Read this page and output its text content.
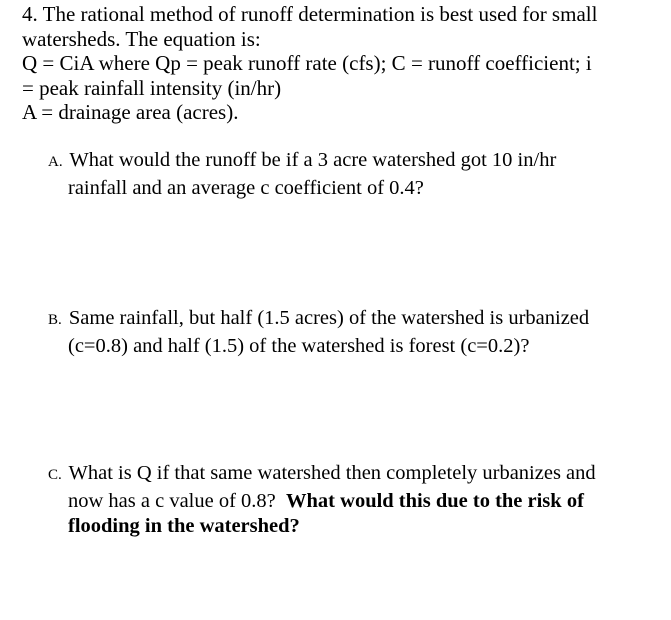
4. The rational method of runoff determination is best used for small
watersheds. The equation is:
Q = CiA where Qp = peak runoff rate (cfs); C = runoff coefficient; i
= peak rainfall intensity (in/hr)
A = drainage area (acres).
A. What would the runoff be if a 3 acre watershed got 10 in/hr
rainfall and an average c coefficient of 0.4?
B. Same rainfall, but half (1.5 acres) of the watershed is urbanized
(c=0.8) and half (1.5) of the watershed is forest (c=0.2)?
C. What is Q if that same watershed then completely urbanizes and
now has a c value of 0.8? What would this due to the risk of
flooding in the watershed?
